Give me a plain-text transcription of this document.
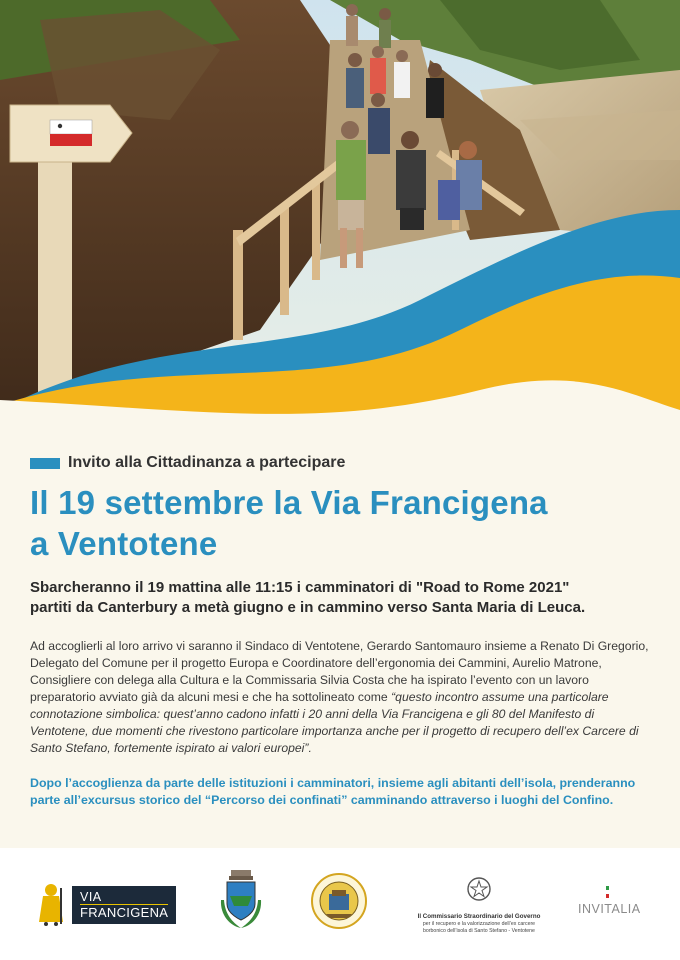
Invito alla Cittadinanza a partecipare
Il 19 settembre la Via Francigena
a Ventotene

Sbarcheranno il 19 mattina alle 11:15 i camminatori di "Road to Rome 2021"
partiti da Canterbury a metà giugno e in cammino verso Santa Maria di Leuca.

Ad accoglierli al loro arrivo vi saranno il Sindaco di Ventotene, Gerardo Santomauro insieme a Renato Di Gregorio, Delegato del Comune per il progetto Europa e Coordinatore dell’ergonomia dei Cammini, Aurelio Matrone, Consigliere con delega alla Cultura e la Commissaria Silvia Costa che ha ispirato l’evento con un lavoro preparatorio avviato già da alcuni mesi e che ha sottolineato come “questo incontro assume una particolare connotazione simbolica: quest’anno cadono infatti i 20 anni della Via Francigena e gli 80 del Manifesto di Ventotene, due momenti che rivestono particolare importanza anche per il progetto di recupero dell’ex Carcere di Santo Stefano, fortemente ispirato ai valori europei”.

Dopo l’accoglienza da parte delle istituzioni i camminatori, insieme agli abitanti dell’isola, prenderanno parte all’excursus storico del “Percorso dei confinati” camminando attraverso i luoghi del Confino.

VIA
FRANCIGENA	Il Commissario Straordinario del Governo
per il recupero e la valorizzazione dell’ex carcere
borbonico dell’isola di Santo Stefano - Ventotene
INVITALIA
